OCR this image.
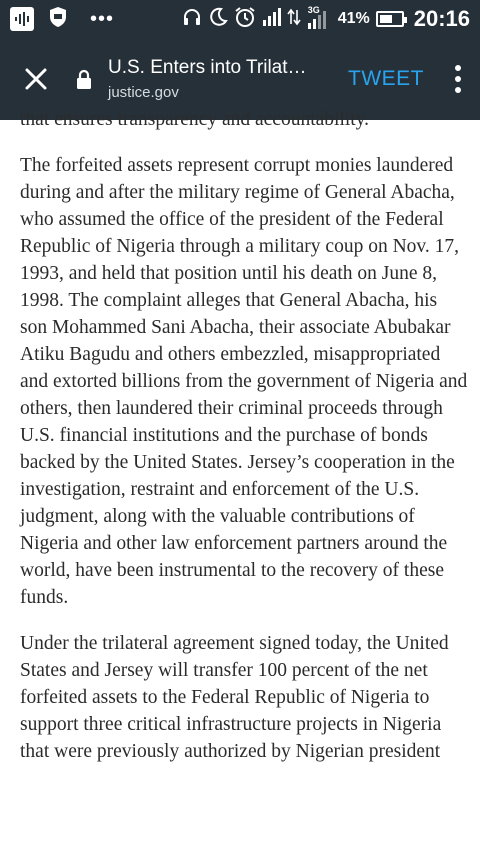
•••	3G 41% 20:16
U.S. Enters into Trilat…
justice.gov
TWEET

that ensures transparency and accountability.

The forfeited assets represent corrupt monies laundered during and after the military regime of General Abacha, who assumed the office of the president of the Federal Republic of Nigeria through a military coup on Nov. 17, 1993, and held that position until his death on June 8, 1998. The complaint alleges that General Abacha, his son Mohammed Sani Abacha, their associate Abubakar Atiku Bagudu and others embezzled, misappropriated and extorted billions from the government of Nigeria and others, then laundered their criminal proceeds through U.S. financial institutions and the purchase of bonds backed by the United States. Jersey’s cooperation in the investigation, restraint and enforcement of the U.S. judgment, along with the valuable contributions of Nigeria and other law enforcement partners around the world, have been instrumental to the recovery of these funds.

Under the trilateral agreement signed today, the United States and Jersey will transfer 100 percent of the net forfeited assets to the Federal Republic of Nigeria to support three critical infrastructure projects in Nigeria that were previously authorized by Nigerian president
